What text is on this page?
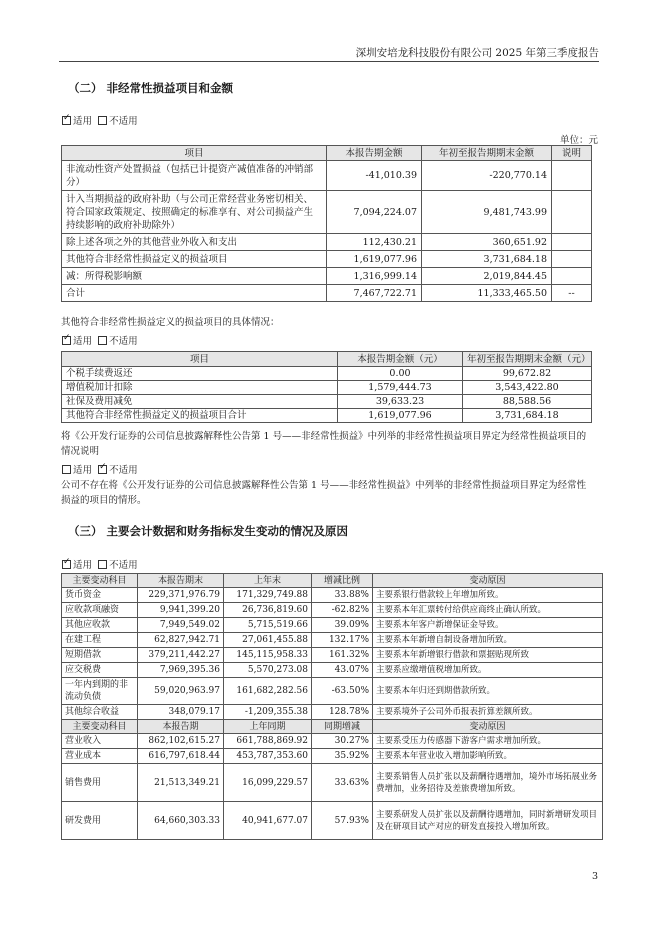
深圳安培龙科技股份有限公司 2025 年第三季度报告
（二） 非经常性损益项目和金额
✓适用 不适用
单位：元
项目	本报告期金额	年初至报告期期末金额	说明
非流动性资产处置损益（包括已计提资产减值准备的冲销部分）	-41,010.39	-220,770.14	
计入当期损益的政府补助（与公司正常经营业务密切相关、符合国家政策规定、按照确定的标准享有、对公司损益产生持续影响的政府补助除外）	7,094,224.07	9,481,743.99	
除上述各项之外的其他营业外收入和支出	112,430.21	360,651.92	
其他符合非经常性损益定义的损益项目	1,619,077.96	3,731,684.18	
减：所得税影响额	1,316,999.14	2,019,844.45	
合计	7,467,722.71	11,333,465.50	--
其他符合非经常性损益定义的损益项目的具体情况：
✓适用 不适用
项目	本报告期金额（元）	年初至报告期期末金额（元）
个税手续费返还	0.00	99,672.82
增值税加计扣除	1,579,444.73	3,543,422.80
社保及费用减免	39,633.23	88,588.56
其他符合非经常性损益定义的损益项目合计	1,619,077.96	3,731,684.18
将《公开发行证券的公司信息披露解释性公告第 1 号——非经常性损益》中列举的非经常性损益项目界定为经常性损益项目的情况说明
适用 ✓ 不适用
公司不存在将《公开发行证券的公司信息披露解释性公告第 1 号——非经常性损益》中列举的非经常性损益项目界定为经常性损益的项目的情形。
（三） 主要会计数据和财务指标发生变动的情况及原因
✓适用 不适用
主要变动科目	本报告期末	上年末	增减比例	变动原因
货币资金	229,371,976.79	171,329,749.88	33.88%	主要系银行借款较上年增加所致。
应收款项融资	9,941,399.20	26,736,819.60	-62.82%	主要系本年汇票转付给供应商终止确认所致。
其他应收款	7,949,549.02	5,715,519.66	39.09%	主要系本年客户新增保证金导致。
在建工程	62,827,942.71	27,061,455.88	132.17%	主要系本年新增自制设备增加所致。
短期借款	379,211,442.27	145,115,958.33	161.32%	主要系本年新增银行借款和票据贴现所致
应交税费	7,969,395.36	5,570,273.08	43.07%	主要系应缴增值税增加所致。
一年内到期的非流动负债	59,020,963.97	161,682,282.56	-63.50%	主要系本年归还到期借款所致。
其他综合收益	348,079.17	-1,209,355.38	128.78%	主要系境外子公司外币报表折算差额所致。
主要变动科目	本报告期	上年同期	同期增减	变动原因
营业收入	862,102,615.27	661,788,869.92	30.27%	主要系受压力传感器下游客户需求增加所致。
营业成本	616,797,618.44	453,787,353.60	35.92%	主要系本年营业收入增加影响所致。
销售费用	21,513,349.21	16,099,229.57	33.63%	主要系销售人员扩张以及薪酬待遇增加，境外市场拓展业务费增加，业务招待及差旅费增加所致。
研发费用	64,660,303.33	40,941,677.07	57.93%	主要系研发人员扩张以及薪酬待遇增加，同时新增研发项目及在研项目试产对应的研发直接投入增加所致。
3
